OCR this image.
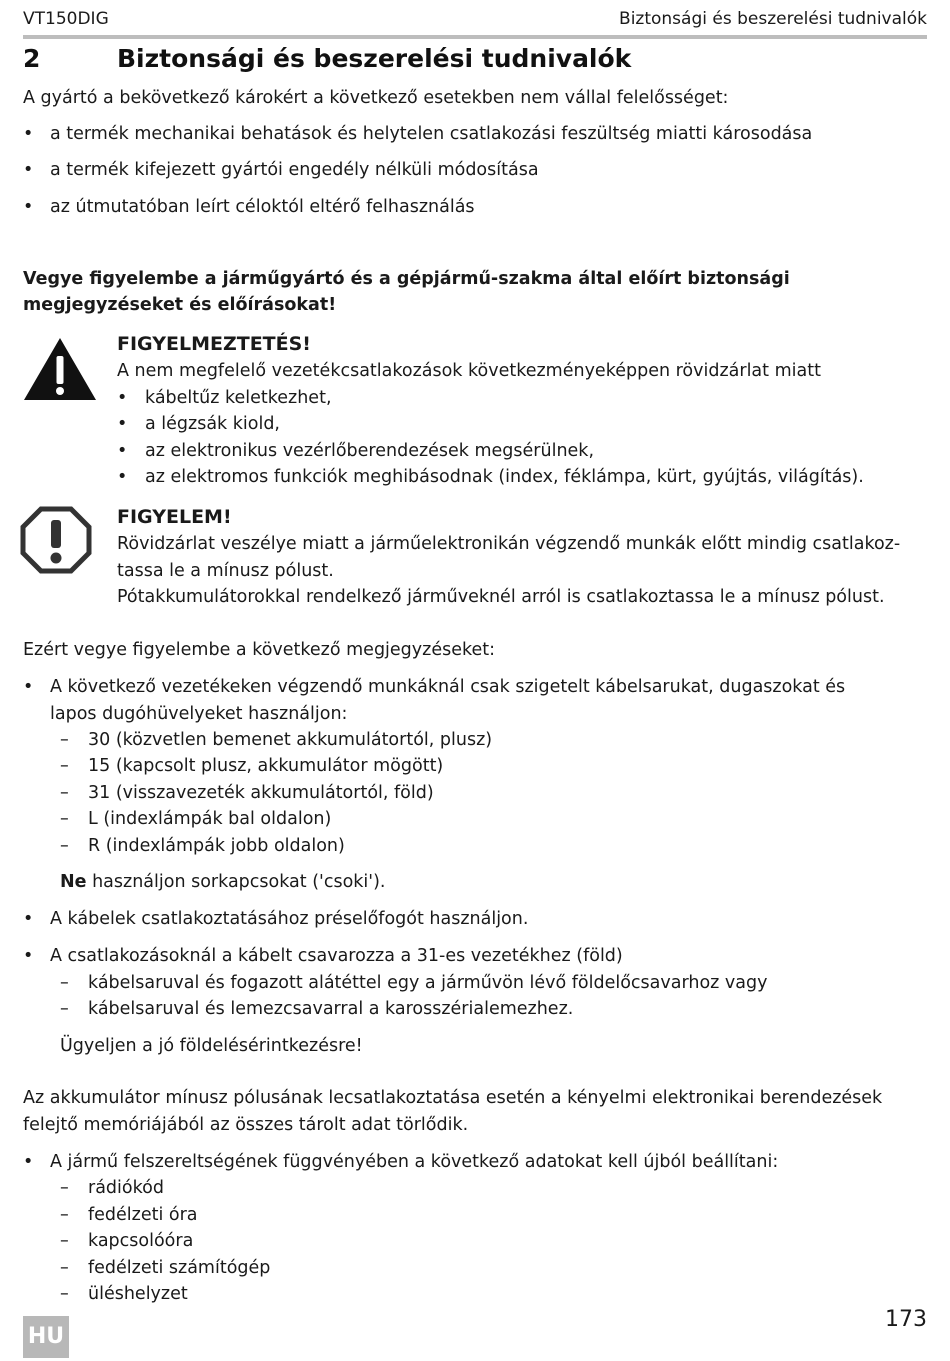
VT150DIG	Biztonsági és beszerelési tudnivalók
2	Biztonsági és beszerelési tudnivalók
A gyártó a bekövetkező károkért a következő esetekben nem vállal felelősséget:
• a termék mechanikai behatások és helytelen csatlakozási feszültség miatti károsodása
• a termék kifejezett gyártói engedély nélküli módosítása
• az útmutatóban leírt céloktól eltérő felhasználás
Vegye figyelembe a járműgyártó és a gépjármű-szakma által előírt biztonsági
megjegyzéseket és előírásokat!
FIGYELMEZTETÉS!
A nem megfelelő vezetékcsatlakozások következményeképpen rövidzárlat miatt
• kábeltűz keletkezhet,
• a légzsák kiold,
• az elektronikus vezérlőberendezések megsérülnek,
• az elektromos funkciók meghibásodnak (index, féklámpa, kürt, gyújtás, világítás).
FIGYELEM!
Rövidzárlat veszélye miatt a járműelektronikán végzendő munkák előtt mindig csatlakoz-
tassa le a mínusz pólust.
Pótakkumulátorokkal rendelkező járműveknél arról is csatlakoztassa le a mínusz pólust.
Ezért vegye figyelembe a következő megjegyzéseket:
• A következő vezetékeken végzendő munkáknál csak szigetelt kábelsarukat, dugaszokat és
lapos dugóhüvelyeket használjon:
– 30 (közvetlen bemenet akkumulátortól, plusz)
– 15 (kapcsolt plusz, akkumulátor mögött)
– 31 (visszavezeték akkumulátortól, föld)
– L (indexlámpák bal oldalon)
– R (indexlámpák jobb oldalon)
Ne használjon sorkapcsokat ('csoki').
• A kábelek csatlakoztatásához préselőfogót használjon.
• A csatlakozásoknál a kábelt csavarozza a 31-es vezetékhez (föld)
– kábelsaruval és fogazott alátéttel egy a járművön lévő földelőcsavarhoz vagy
– kábelsaruval és lemezcsavarral a karosszérialemezhez.
Ügyeljen a jó földelésérintkezésre!
Az akkumulátor mínusz pólusának lecsatlakoztatása esetén a kényelmi elektronikai berendezések
felejtő memóriájából az összes tárolt adat törlődik.
• A jármű felszereltségének függvényében a következő adatokat kell újból beállítani:
– rádiókód
– fedélzeti óra
– kapcsolóóra
– fedélzeti számítógép
– üléshelyzet
HU
173
